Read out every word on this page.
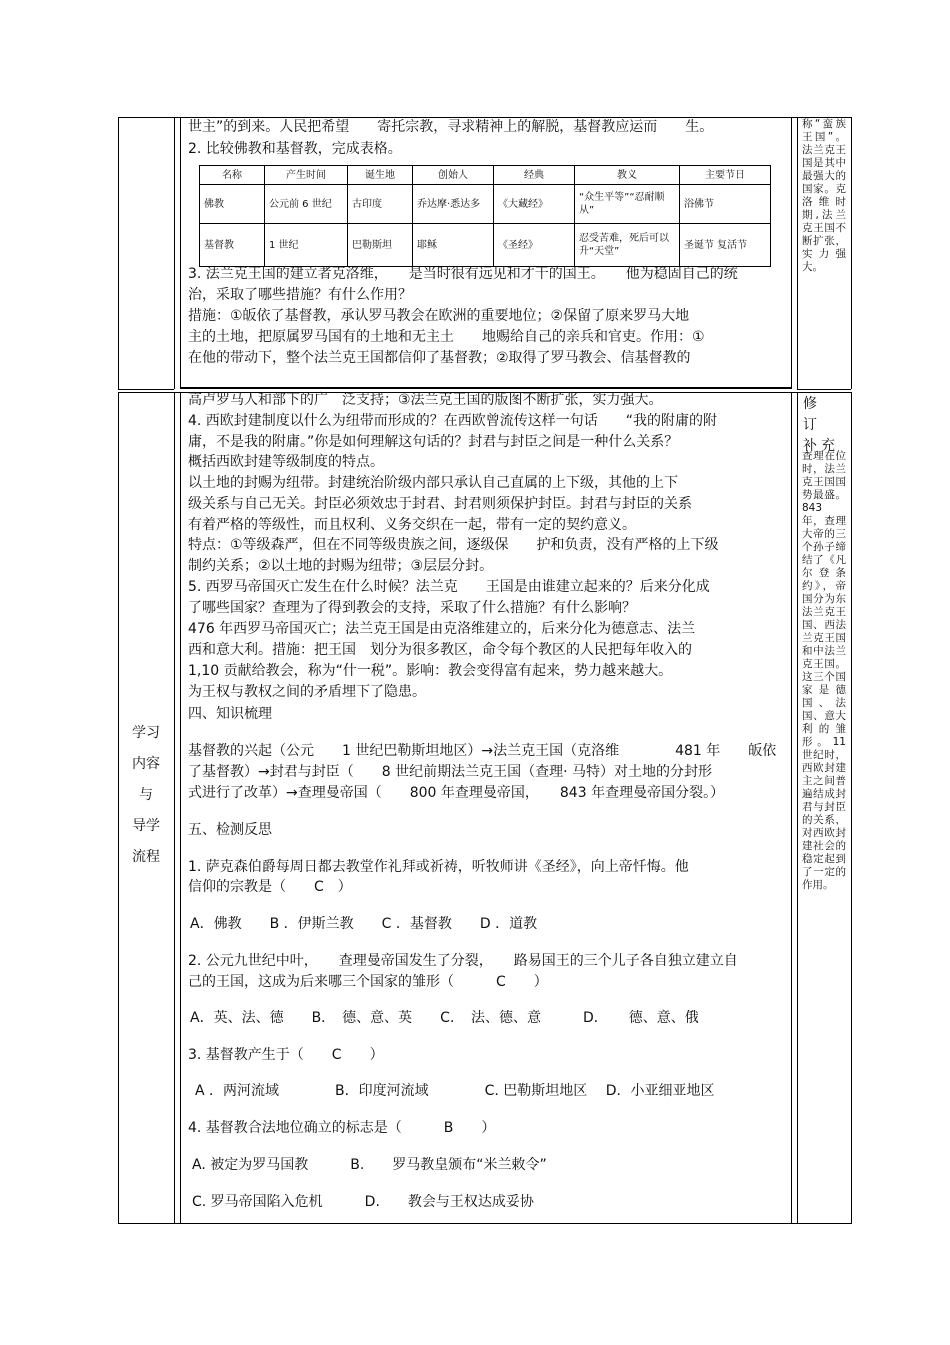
世主”的到来。人民把希望　　寄托宗教，寻求精神上的解脱，基督教应运而　　生。
2. 比较佛教和基督教，完成表格。
名称	产生时间	诞生地	创始人	经典	教义	主要节日
佛教	公元前 6 世纪	古印度	乔达摩·悉达多	《大藏经》	“众生平等”“忍耐顺从”	浴佛节
基督教	1 世纪	巴勒斯坦	耶稣	《圣经》	忍受苦难，死后可以升“天堂”	圣诞节 复活节
3. 法兰克王国的建立者克洛维，　　是当时很有远见和才干的国王。　　他为稳固自己的统
治，采取了哪些措施？有什么作用？
措施：①皈依了基督教，承认罗马教会在欧洲的重要地位；②保留了原来罗马大地
主的土地，把原属罗马国有的土地和无主土　　地赐给自己的亲兵和官吏。作用：①
在他的带动下，整个法兰克王国都信仰了基督教；②取得了罗马教会、信基督教的

称“蛮族王国”。法兰克王国是其中最强大的国家。克洛维时期,法兰克王国不断扩张，实力强大。

学习
内容
与
导学
流程
修 订 补充
高卢罗马人和部下的广　泛支持；③法兰克王国的版图不断扩张，实力强大。
4. 西欧封建制度以什么为纽带而形成的？在西欧曾流传这样一句话　　“我的附庸的附
庸，不是我的附庸。”你是如何理解这句话的？封君与封臣之间是一种什么关系？
概括西欧封建等级制度的特点。
以土地的封赐为纽带。封建统治阶级内部只承认自己直属的上下级，其他的上下
级关系与自己无关。封臣必须效忠于封君、封君则须保护封臣。封君与封臣的关系
有着严格的等级性，而且权利、义务交织在一起，带有一定的契约意义。
特点：①等级森严，但在不同等级贵族之间，逐级保　　护和负责，没有严格的上下级
制约关系；②以土地的封赐为纽带；③层层分封。
5. 西罗马帝国灭亡发生在什么时候？法兰克　　王国是由谁建立起来的？后来分化成
了哪些国家？查理为了得到教会的支持，采取了什么措施？有什么影响？
476 年西罗马帝国灭亡；法兰克王国是由克洛维建立的，后来分化为德意志、法兰
西和意大利。措施：把王国　划分为很多教区，命令每个教区的人民把每年收入的
1,10 贡献给教会，称为“什一税”。影响：教会变得富有起来，势力越来越大。
为王权与教权之间的矛盾埋下了隐患。
四、知识梳理
基督教的兴起（公元　　1 世纪巴勒斯坦地区）→法兰克王国（克洛维　　　　481 年　　皈依
了基督教）→封君与封臣（　　8 世纪前期法兰克王国（查理· 马特）对土地的分封形
式进行了改革）→查理曼帝国（　　800 年查理曼帝国，　　843 年查理曼帝国分裂。）
五、检测反思
1. 萨克森伯爵每周日都去教堂作礼拜或祈祷，听牧师讲《圣经》，向上帝忏悔。他
信仰的宗教是（　　C　）
A．佛教　　B ．伊斯兰教　　C ．基督教　　D ．道教
2. 公元九世纪中叶，　　查理曼帝国发生了分裂，　　路易国王的三个儿子各自独立建立自
己的王国，这成为后来哪三个国家的雏形（　　　C　　）
A．英、法、德　　B．　德、意、英　　C．　法、德、意　　　D．　　德、意、俄
3. 基督教产生于（　　C　　）
A ．两河流域　　　　B．印度河流域　　　　C. 巴勒斯坦地区　 D．小亚细亚地区
4. 基督教合法地位确立的标志是（　　　B　　）
A. 被定为罗马国教　　　B.　　罗马教皇颁布“米兰敕令”
C. 罗马帝国陷入危机　　　D.　　教会与王权达成妥协
查理在位时，法兰克王国国势最盛。843 年，查理大帝的三个孙子缔结了《凡尔登条约》，帝国分为东法兰克王国、西法兰克王国和中法兰克王国。这三个国家是德国、法国、意大利的雏形。11 世纪时，西欧封建主之间普遍结成封君与封臣的关系，对西欧封建社会的稳定起到了一定的作用。
